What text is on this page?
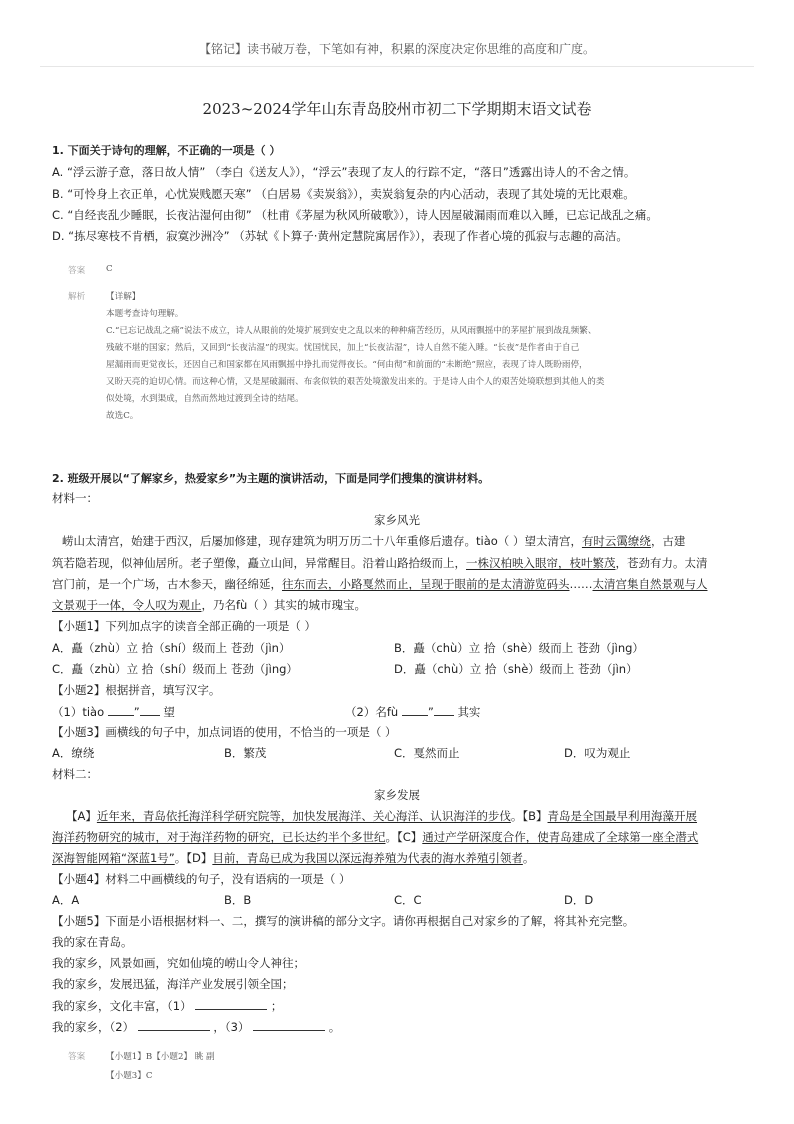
【铭记】读书破万卷，下笔如有神，积累的深度决定你思维的高度和广度。
2023~2024学年山东青岛胶州市初二下学期期末语文试卷
1. 下面关于诗句的理解，不正确的一项是（ ）
A. “浮云游子意，落日故人情” （李白《送友人》），“浮云”表现了友人的行踪不定，“落日”透露出诗人的不舍之情。
B. “可怜身上衣正单，心忧炭贱愿天寒” （白居易《卖炭翁》），卖炭翁复杂的内心活动，表现了其处境的无比艰难。
C. “自经丧乱少睡眠，长夜沾湿何由彻” （杜甫《茅屋为秋风所破歌》），诗人因屋破漏雨而难以入睡，已忘记战乱之痛。
D. “拣尽寒枝不肯栖，寂寞沙洲冷” （苏轼《卜算子·黄州定慧院寓居作》），表现了作者心境的孤寂与志趣的高洁。
答案 C
解析 【详解】
本题考查诗句理解。
C.“已忘记战乱之痛”说法不成立，诗人从眼前的处境扩展到安史之乱以来的种种痛苦经历，从风雨飘摇中的茅屋扩展到战乱频繁、
残破不堪的国家；然后，又回到“长夜沾湿”的现实。忧国忧民，加上“长夜沾湿”，诗人自然不能入睡。“长夜”是作者由于自己
屋漏雨而更觉夜长，还因自己和国家都在风雨飘摇中挣扎而觉得夜长。“何由彻”和前面的“未断绝”照应，表现了诗人既盼雨停，
又盼天亮的迫切心情。而这种心情，又是屋破漏雨、布衾似铁的艰苦处境激发出来的。于是诗人由个人的艰苦处境联想到其他人的类
似处境，水到渠成，自然而然地过渡到全诗的结尾。
故选C。
2. 班级开展以“了解家乡，热爱家乡”为主题的演讲活动，下面是同学们搜集的演讲材料。
材料一：
家乡风光
崂山太清宫，始建于西汉，后屡加修建，现存建筑为明万历二十八年重修后遗存。tiào（ ）望太清宫，有时云霭缭绕，古建
筑若隐若现，似神仙居所。老子塑像，矗立山间，异常醒目。沿着山路拾级而上，一株汉柏映入眼帘，枝叶繁茂，苍劲有力。太清
宫门前，是一个广场，古木参天，幽径绵延，往东而去，小路戛然而止，呈现于眼前的是太清游览码头……太清宫集自然景观与人
文景观于一体，令人叹为观止，乃名fù（ ）其实的城市瑰宝。
【小题1】下列加点字的读音全部正确的一项是（ ）
A．矗（zhù）立 拾（shí）级而上 苍劲（jìn）	B．矗（chù）立 拾（shè）级而上 苍劲（jìng）
C．矗（zhù）立 拾（shí）级而上 苍劲（jìng）	D．矗（chù）立 拾（shè）级而上 苍劲（jìn）
【小题2】根据拼音，填写汉字。
（1）tiào	” 望	（2）名fù	” 其实
【小题3】画横线的句子中，加点词语的使用，不恰当的一项是（ ）
A．缭绕	B．繁茂	C．戛然而止	D．叹为观止
材料二：
家乡发展
【A】近年来，青岛依托海洋科学研究院等，加快发展海洋、关心海洋、认识海洋的步伐。【B】青岛是全国最早利用海藻开展
海洋药物研究的城市，对于海洋药物的研究，已长达约半个多世纪。【C】通过产学研深度合作，使青岛建成了全球第一座全潜式
深海智能网箱“深蓝1号”。【D】目前，青岛已成为我国以深远海养殖为代表的海水养殖引领者。
【小题4】材料二中画横线的句子，没有语病的一项是（ ）
A．A	B．B	C．C	D．D
【小题5】下面是小语根据材料一、二，撰写的演讲稿的部分文字。请你再根据自己对家乡的了解，将其补充完整。
我的家在青岛。
我的家乡，风景如画，究如仙境的崂山令人神往；
我的家乡，发展迅猛，海洋产业发展引领全国；
我的家乡，文化丰富，（1）	；
我的家乡，（2）	，（3）	。
答案 【小题1】B【小题2】 眺 副
【小题3】C
